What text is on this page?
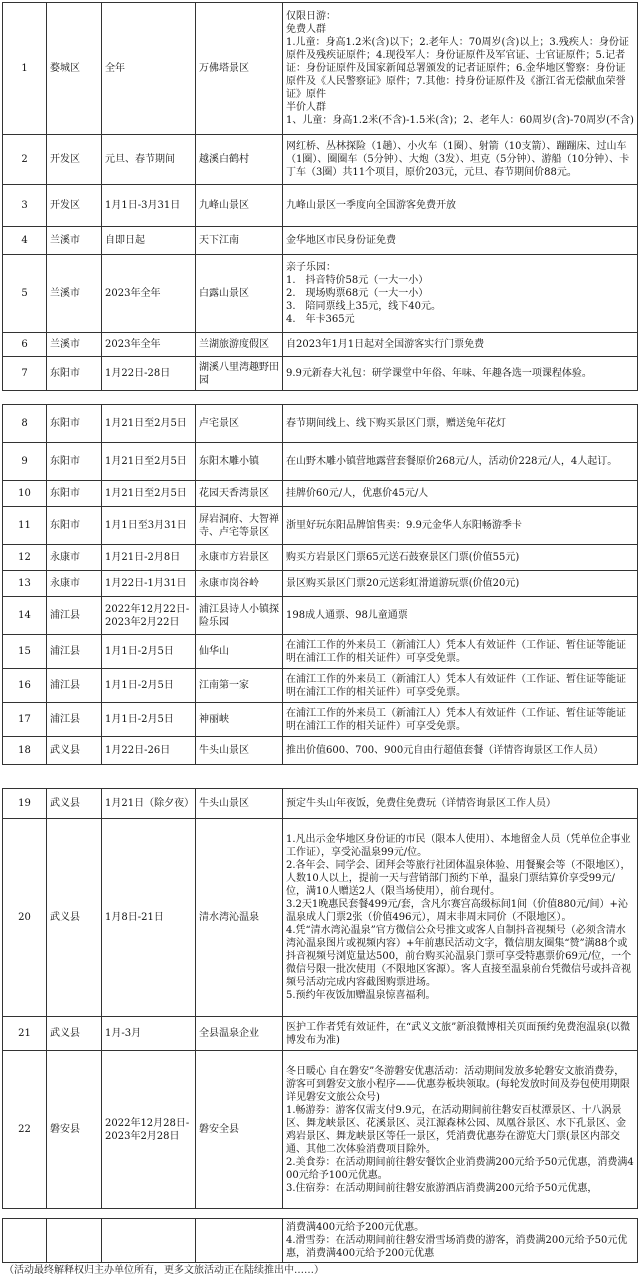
1	婺城区	全年	万佛塔景区	仅限日游：
免费人群
1.儿童：身高1.2米(含)以下；2.老年人：70周岁(含)以上；3.残疾人：身份证原件及残疾证原件；4.现役军人：身份证原件及军官证、士官证原件；5.记者证：身份证原件及国家新闻总署颁发的记者证原件；6.金华地区警察：身份证原件及《人民警察证》原件；7.其他：持身份证原件及《浙江省无偿献血荣誉证》原件
半价人群
1、儿童：身高1.2米(不含)-1.5米(含)；2、老年人：60周岁(含)-70周岁(不含)
2	开发区	元旦、春节期间	越溪白鹤村	网红桥、丛林探险（1趟）、小火车（1圈）、射箭（10支箭）、蹦蹦床、过山车（1圈）、圈圈车（5分钟）、大炮（3发）、坦克（5分钟）、游船（10分钟）、卡丁车（3圈）共11个项目，原价203元，元旦、春节期间价88元。
3	开发区	1月1日-3月31日	九峰山景区	九峰山景区一季度向全国游客免费开放
4	兰溪市	自即日起	天下江南	金华地区市民身份证免费
5	兰溪市	2023年全年	白露山景区	亲子乐园：
1.　抖音特价58元（一大一小）
2.　现场购票68元（一大一小）
3.　陪同票线上35元，线下40元。
4.　年卡365元
6	兰溪市	2023年全年	兰湖旅游度假区	自2023年1月1日起对全国游客实行门票免费
7	东阳市	1月22日-28日	湖溪八里湾趣野田园	9.9元新春大礼包：研学课堂中年俗、年味、年趣各选一项课程体验。
8	东阳市	1月21日至2月5日	卢宅景区	春节期间线上、线下购买景区门票，赠送兔年花灯
9	东阳市	1月21日至2月5日	东阳木雕小镇	在山野木雕小镇营地露营套餐原价268元/人，活动价228元/人，4人起订。
10	东阳市	1月21日至2月5日	花园天香湾景区	挂牌价60元/人，优惠价45元/人
11	东阳市	1月1日至3月31日	屏岩洞府、大智禅寺、卢宅等景区	浙里好玩东阳品牌馆售卖：9.9元金华人东阳畅游季卡
12	永康市	1月21日-2月8日	永康市方岩景区	购买方岩景区门票65元送石鼓寮景区门票(价值55元)
13	永康市	1月22日-1月31日	永康市岗谷岭	景区购买景区门票20元送彩虹滑道游玩票(价值20元)
14	浦江县	2022年12月22日-2023年2月22日	浦江县诗人小镇探险乐园	198成人通票、98儿童通票
15	浦江县	1月1日-2月5日	仙华山	在浦江工作的外来员工（新浦江人）凭本人有效证件（工作证、暂住证等能证明在浦江工作的相关证件）可享受免票。
16	浦江县	1月1日-2月5日	江南第一家	在浦江工作的外来员工（新浦江人）凭本人有效证件（工作证、暂住证等能证明在浦江工作的相关证件）可享受免票。
17	浦江县	1月1日-2月5日	神丽峡	在浦江工作的外来员工（新浦江人）凭本人有效证件（工作证、暂住证等能证明在浦江工作的相关证件）可享受免票。
18	武义县	1月22日-26日	牛头山景区	推出价值600、700、900元自由行超值套餐（详情咨询景区工作人员）
19	武义县	1月21日（除夕夜）	牛头山景区	预定牛头山年夜饭，免费住免费玩（详情咨询景区工作人员）
20	武义县	1月8日-21日	清水湾沁温泉	1.凡出示金华地区身份证的市民（限本人使用）、本地留金人员（凭单位企事业工作证），享受沁温泉99元/位。
2.各年会、同学会、团拜会等旅行社团体温泉体验、用餐聚会等（不限地区），人数10人以上，提前一天与营销部门预约下单，温泉门票结算价享受99元/位，满10人赠送2人（限当场使用），前台现付。
3.2天1晚惠民套餐499元/套，含凡尔赛宫高级标间1间（价值880元/间）+沁温泉成人门票2张（价值496元），周末非周末同价（不限地区）。
4.凭“清水湾沁温泉”官方微信公众号推文或客人自制抖音视频号（必须含清水湾沁温泉图片或视频内容）+年前惠民活动文字，微信朋友圈集“赞”满88个或抖音视频号浏览量达500，前台购买沁温泉门票可享受特惠票价69元/位，一个微信号限一批次使用（不限地区客源）。客人直接至温泉前台凭微信号或抖音视频号活动完成内容截图购票进场。
5.预约年夜饭加赠温泉惊喜福利。
21	武义县	1月-3月	全县温泉企业	医护工作者凭有效证件，在“武义文旅”新浪微博相关页面预约免费泡温泉(以微博发布为准)
22	磐安县	2022年12月28日-2023年2月28日	磐安全县	冬日暖心 自在磐安”冬游磐安优惠活动：活动期间发放多轮磐安文旅消费券，游客可到磐安文旅小程序——优惠券板块领取。(每轮发放时间及券包使用期限详见磐安文旅公众号)
1.畅游券：游客仅需支付9.9元，在活动期间前往磐安百杖潭景区、十八涡景区、舞龙峡景区、花溪景区、灵江源森林公园、凤凰谷景区、水下孔景区、金鸡岩景区、舞龙峡景区等任一景区，凭消费优惠券在游览大门票(景区内部交通、其他二次体验消费项目除外。
2.美食券：在活动期间前往磐安餐饮企业消费满200元给予50元优惠，消费满400元给予100元优惠。
3.住宿券：在活动期间前往磐安旅游酒店消费满200元给予50元优惠，
				消费满400元给予200元优惠。
4.滑雪券：在活动期间前往磐安滑雪场消费的游客，消费满200元给予50元优惠，消费满400元给予200元优惠
（活动最终解释权归主办单位所有，更多文旅活动正在陆续推出中……）
